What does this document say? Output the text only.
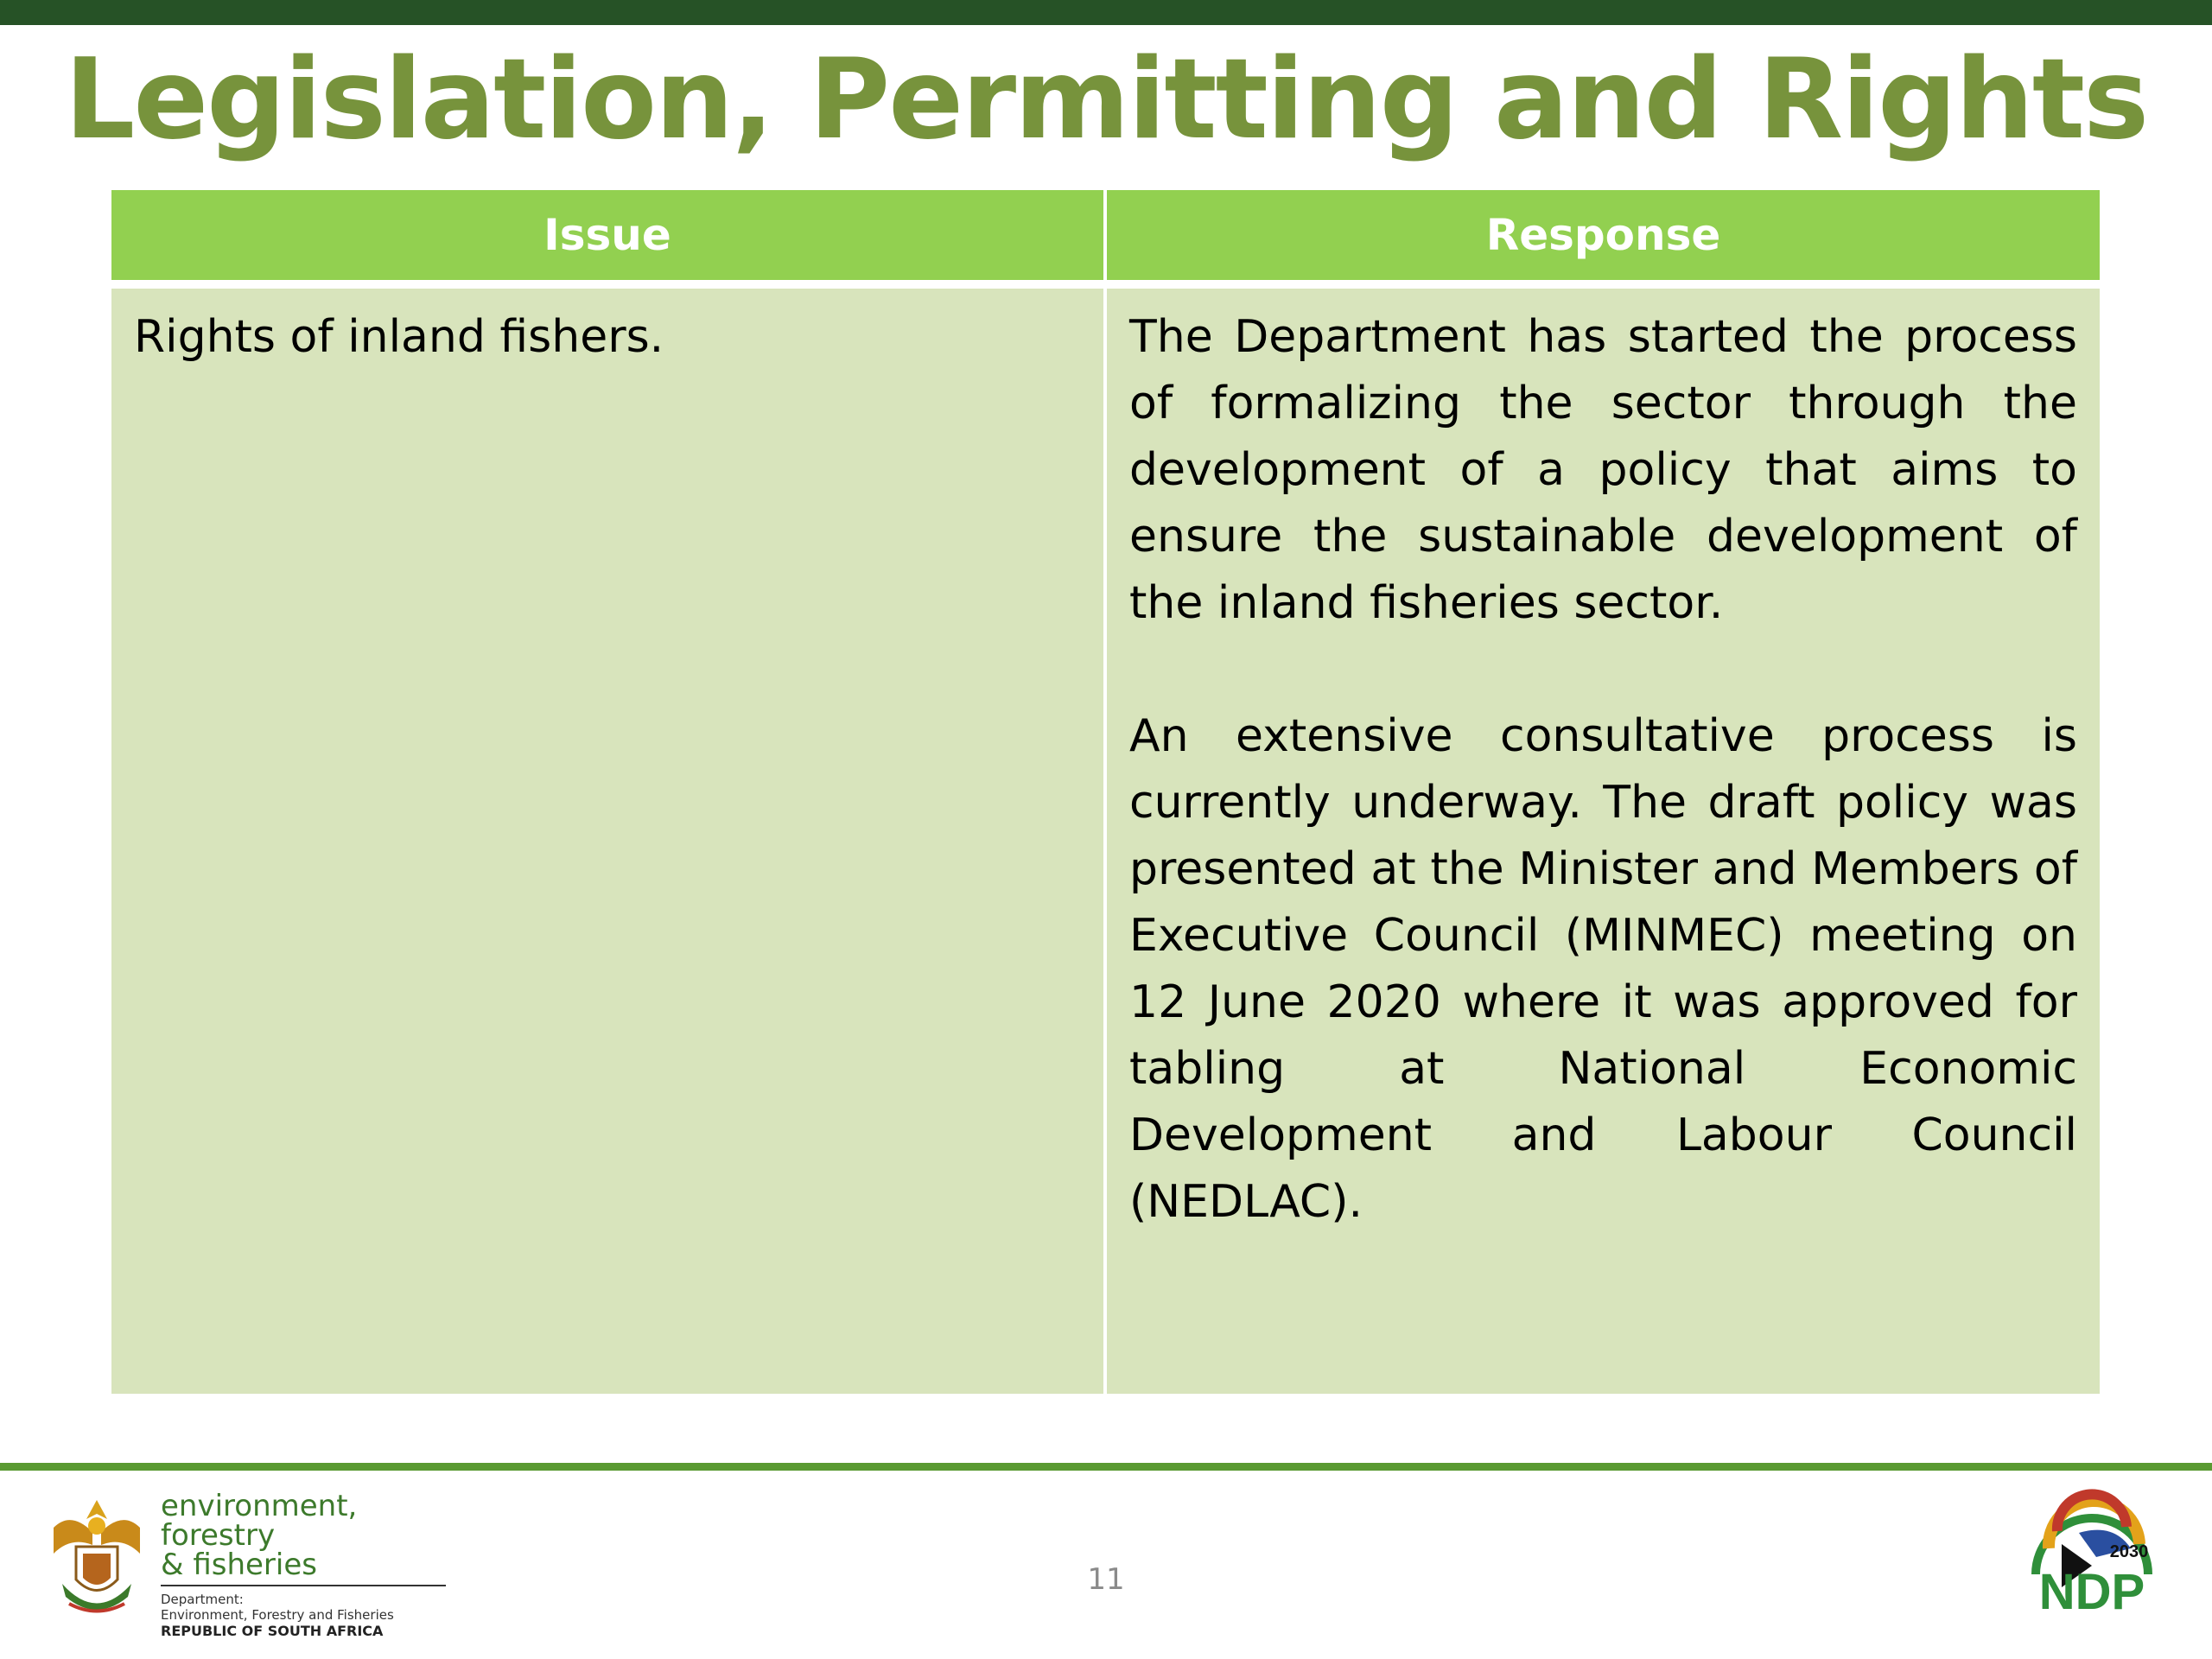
Legislation, Permitting and Rights
Issue	Response

Rights of inland fishers.	The Department has started the process of formalizing the sector through the development of a policy that aims to ensure the sustainable development of the inland fisheries sector.

An extensive consultative process is currently underway. The draft policy was presented at the Minister and Members of Executive Council (MINMEC) meeting on 12 June 2020 where it was approved for tabling at National Economic Development and Labour Council (NEDLAC).

environment, forestry
& fisheries
Department:
Environment, Forestry and Fisheries
REPUBLIC OF SOUTH AFRICA
11
2030
NDP
